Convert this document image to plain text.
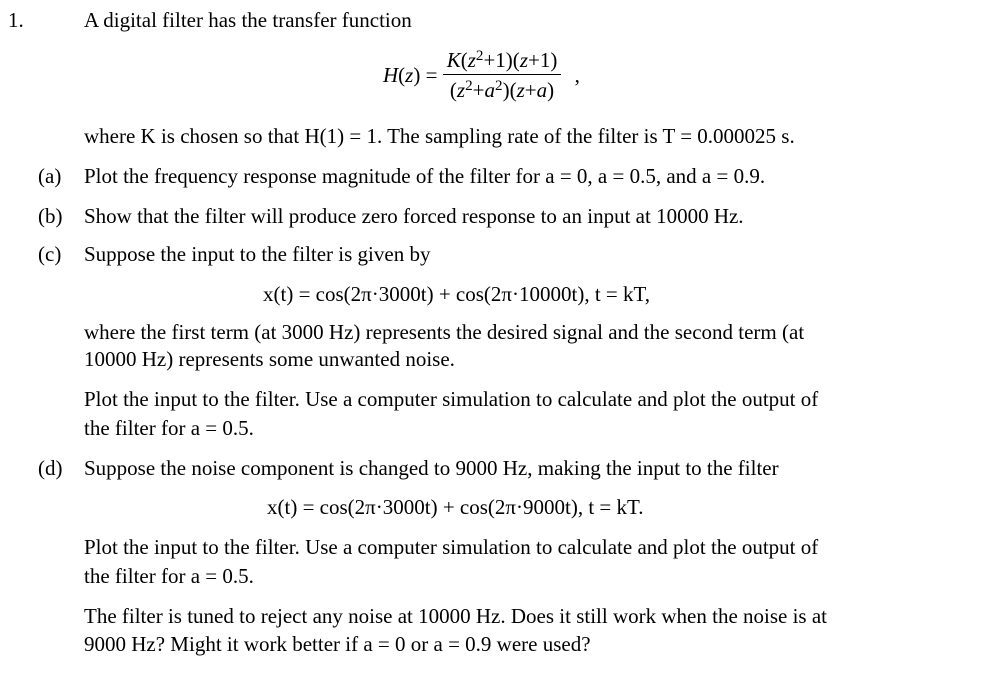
1.	A digital filter has the transfer function
$H(z) = \frac{K(z^2+1)(z+1)}{(z^2+a^2)(z+a)}$ ,
where K is chosen so that H(1) = 1. The sampling rate of the filter is T = 0.000025 s.
(a) Plot the frequency response magnitude of the filter for a = 0, a = 0.5, and a = 0.9.
(b) Show that the filter will produce zero forced response to an input at 10000 Hz.
(c) Suppose the input to the filter is given by
x(t) = cos(2π·3000t) + cos(2π·10000t), t = kT,
where the first term (at 3000 Hz) represents the desired signal and the second term (at
10000 Hz) represents some unwanted noise.
Plot the input to the filter. Use a computer simulation to calculate and plot the output of
the filter for a = 0.5.
(d) Suppose the noise component is changed to 9000 Hz, making the input to the filter
x(t) = cos(2π·3000t) + cos(2π·9000t), t = kT.
Plot the input to the filter. Use a computer simulation to calculate and plot the output of
the filter for a = 0.5.
The filter is tuned to reject any noise at 10000 Hz. Does it still work when the noise is at
9000 Hz? Might it work better if a = 0 or a = 0.9 were used?
